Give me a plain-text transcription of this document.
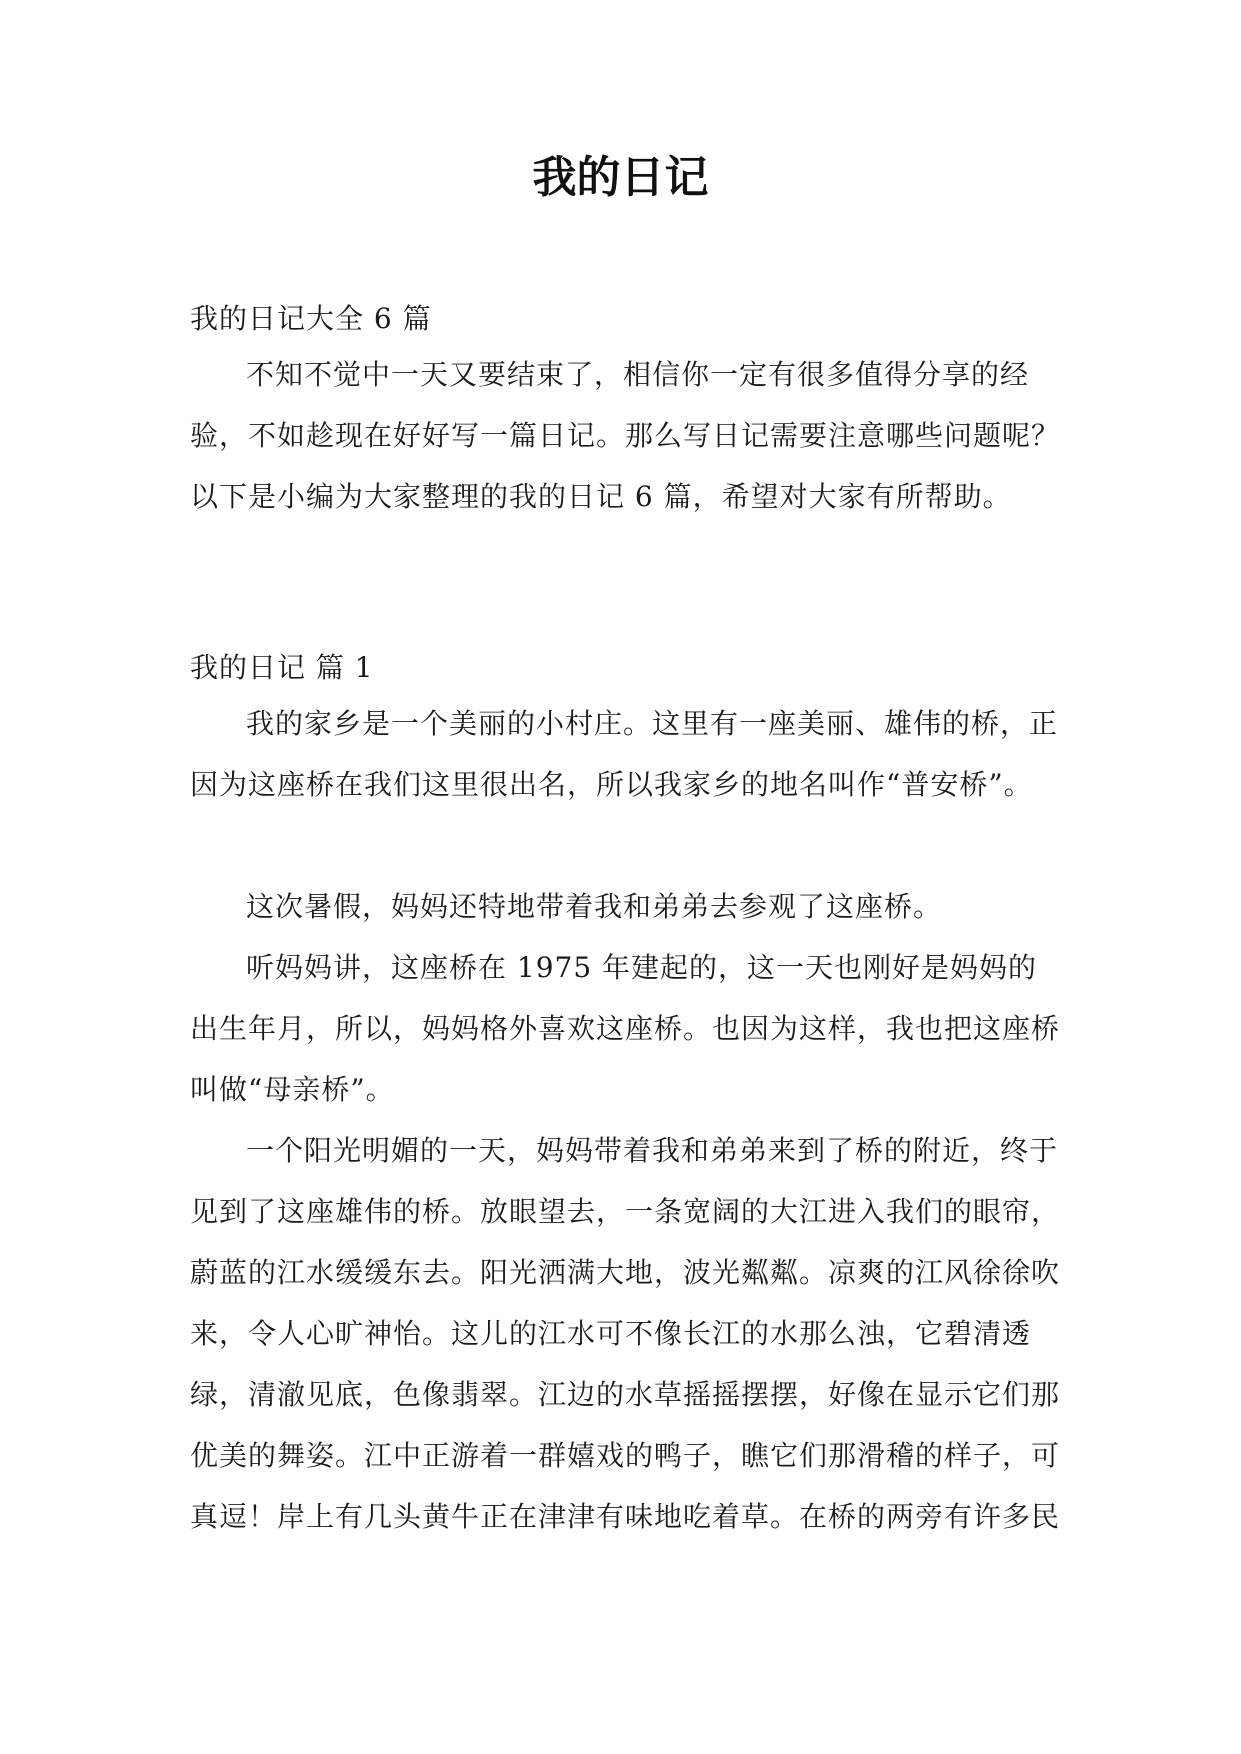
我的日记

我的日记大全 6 篇

不知不觉中一天又要结束了，相信你一定有很多值得分享的经验，不如趁现在好好写一篇日记。那么写日记需要注意哪些问题呢？以下是小编为大家整理的我的日记 6 篇，希望对大家有所帮助。

我的日记 篇 1

我的家乡是一个美丽的小村庄。这里有一座美丽、雄伟的桥，正因为这座桥在我们这里很出名，所以我家乡的地名叫作“普安桥”。

这次暑假，妈妈还特地带着我和弟弟去参观了这座桥。

听妈妈讲，这座桥在 1975 年建起的，这一天也刚好是妈妈的出生年月，所以，妈妈格外喜欢这座桥。也因为这样，我也把这座桥叫做“母亲桥”。

一个阳光明媚的一天，妈妈带着我和弟弟来到了桥的附近，终于见到了这座雄伟的桥。放眼望去，一条宽阔的大江进入我们的眼帘，蔚蓝的江水缓缓东去。阳光洒满大地，波光粼粼。凉爽的江风徐徐吹来，令人心旷神怡。这儿的江水可不像长江的水那么浊，它碧清透绿，清澈见底，色像翡翠。江边的水草摇摇摆摆，好像在显示它们那优美的舞姿。江中正游着一群嬉戏的鸭子，瞧它们那滑稽的样子，可真逗！岸上有几头黄牛正在津津有味地吃着草。在桥的两旁有许多民
